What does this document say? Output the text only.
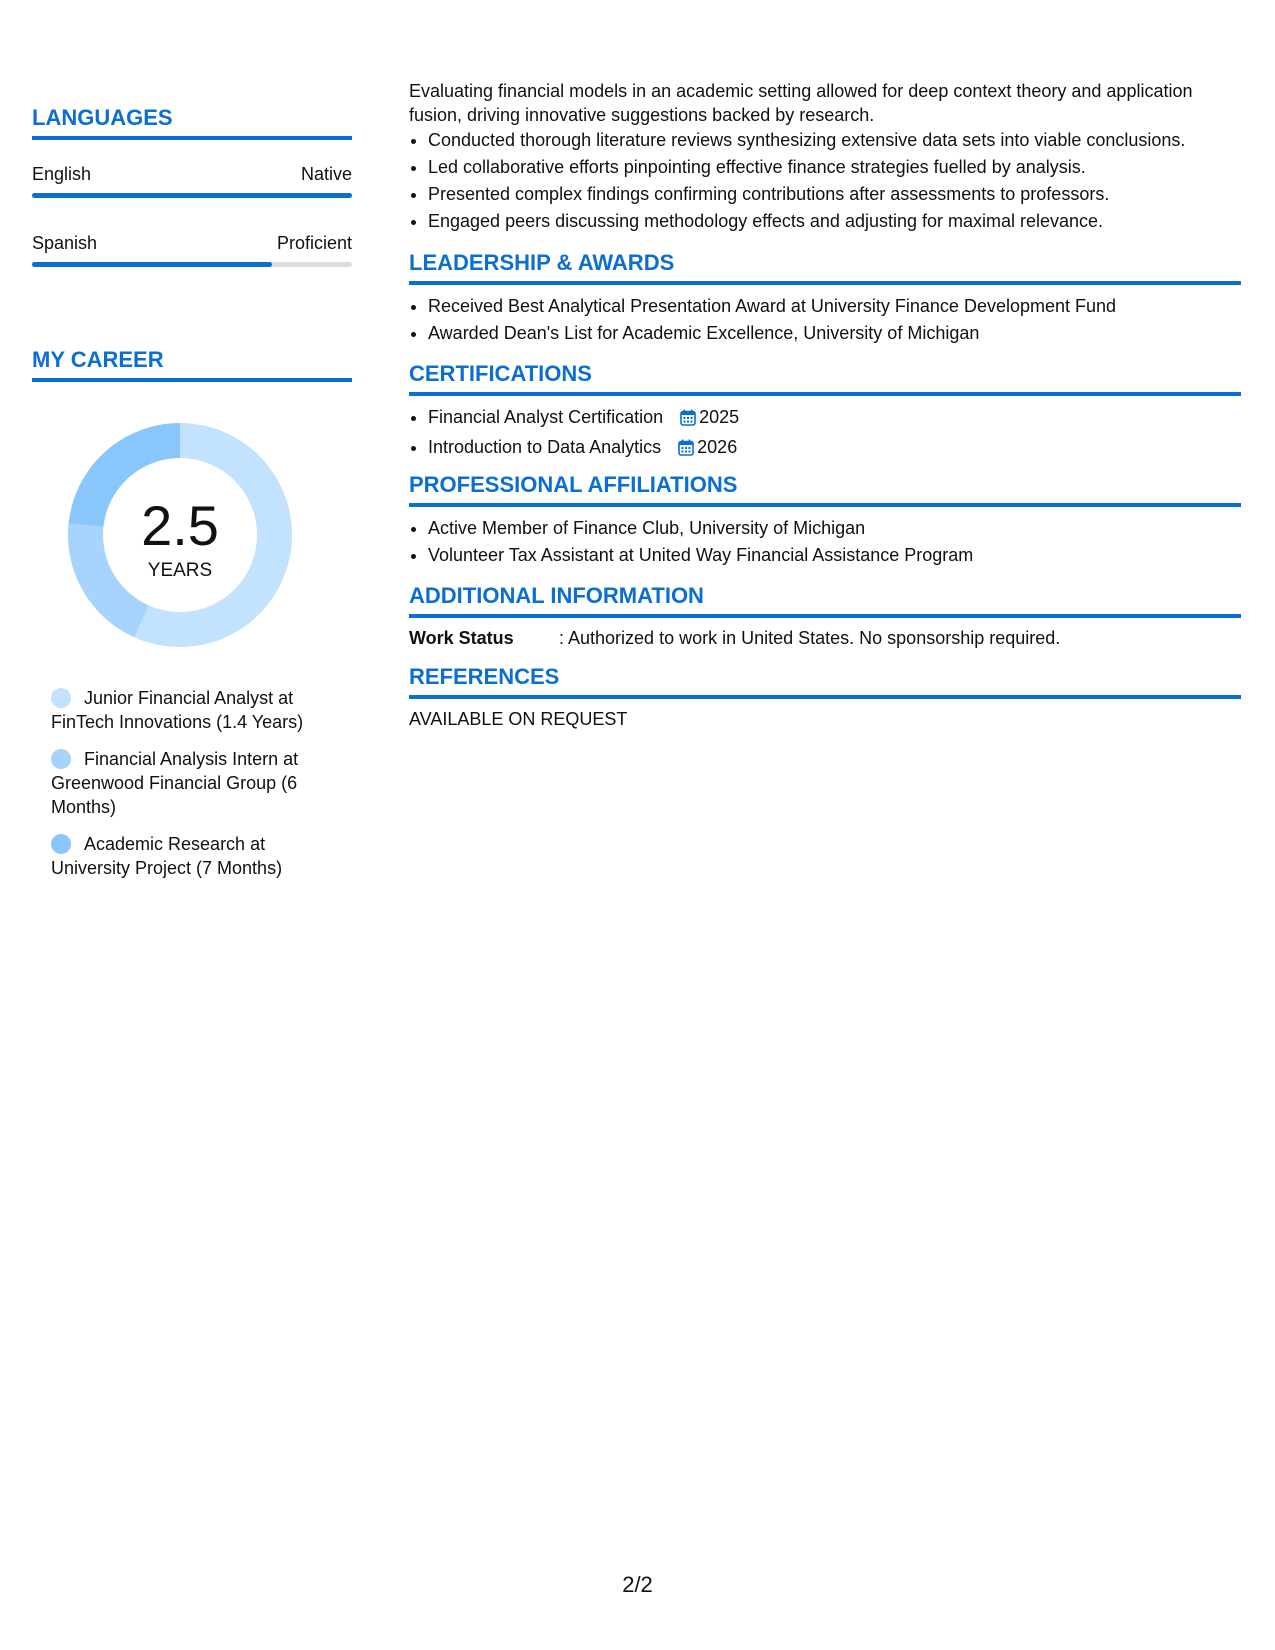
LANGUAGES
English	Native
Spanish	Proficient
MY CAREER
2.5
YEARS
Junior Financial Analyst at FinTech Innovations (1.4 Years)
Financial Analysis Intern at Greenwood Financial Group (6 Months)
Academic Research at University Project (7 Months)
Evaluating financial models in an academic setting allowed for deep context theory and application fusion, driving innovative suggestions backed by research.
• Conducted thorough literature reviews synthesizing extensive data sets into viable conclusions.
• Led collaborative efforts pinpointing effective finance strategies fuelled by analysis.
• Presented complex findings confirming contributions after assessments to professors.
• Engaged peers discussing methodology effects and adjusting for maximal relevance.
LEADERSHIP & AWARDS
• Received Best Analytical Presentation Award at University Finance Development Fund
• Awarded Dean's List for Academic Excellence, University of Michigan
CERTIFICATIONS
• Financial Analyst Certification 2025
• Introduction to Data Analytics 2026
PROFESSIONAL AFFILIATIONS
• Active Member of Finance Club, University of Michigan
• Volunteer Tax Assistant at United Way Financial Assistance Program
ADDITIONAL INFORMATION
Work Status	: Authorized to work in United States. No sponsorship required.
REFERENCES
AVAILABLE ON REQUEST
2/2
